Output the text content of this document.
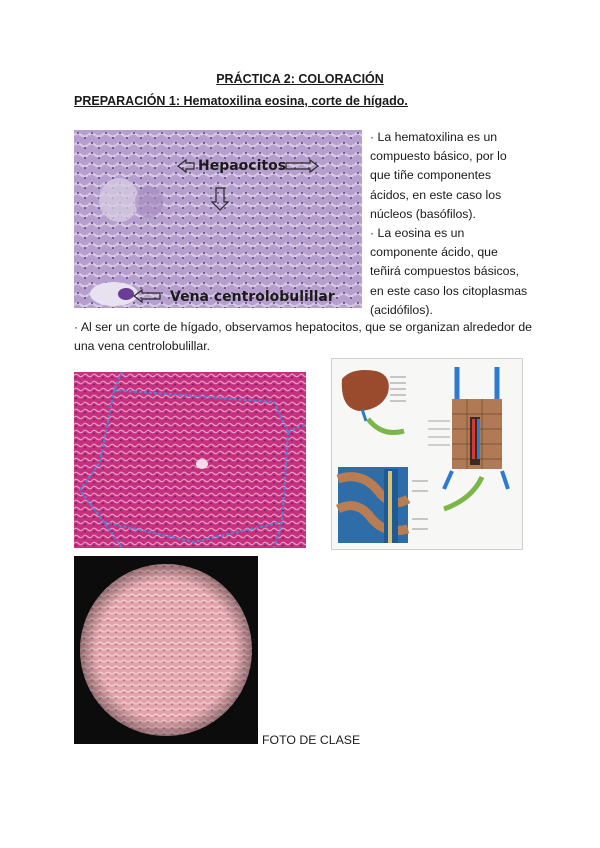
PRÁCTICA 2: COLORACIÓN
PREPARACIÓN 1: Hematoxilina eosina, corte de hígado.
Hepaocitos
Vena centrolobulillar
· La hematoxilina es un
compuesto básico, por lo
que tiñe componentes
ácidos, en este caso los
núcleos (basófilos).
· La eosina es un
componente ácido, que
teñirá compuestos básicos,
en este caso los citoplasmas
(acidófilos).
· Al ser un corte de hígado, observamos hepatocitos, que se organizan alrededor de
una vena centrolobulillar.
FOTO DE CLASE
